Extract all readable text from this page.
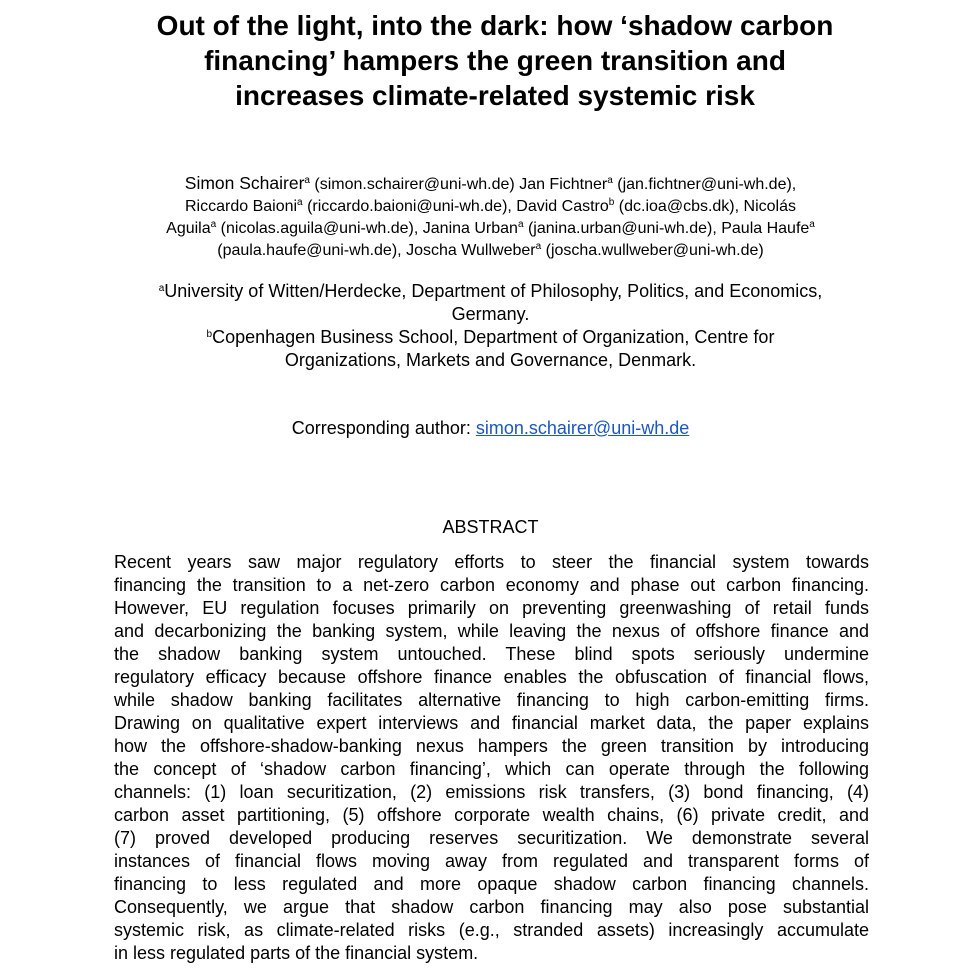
Out of the light, into the dark: how ‘shadow carbon
financing’ hampers the green transition and
increases climate-related systemic risk
Simon Schairer$^a$ (simon.schairer@uni-wh.de) Jan Fichtner$^a$ (jan.fichtner@uni-wh.de),
Riccardo Baioni$^a$ (riccardo.baioni@uni-wh.de), David Castro$^b$ (dc.ioa@cbs.dk), Nicolás
Aguila$^a$ (nicolas.aguila@uni-wh.de), Janina Urban$^a$ (janina.urban@uni-wh.de), Paula Haufe$^a$
(paula.haufe@uni-wh.de), Joscha Wullweber$^a$ (joscha.wullweber@uni-wh.de)
$^a$University of Witten/Herdecke, Department of Philosophy, Politics, and Economics,
Germany.
$^b$Copenhagen Business School, Department of Organization, Centre for
Organizations, Markets and Governance, Denmark.
Corresponding author: simon.schairer@uni-wh.de
ABSTRACT
Recent years saw major regulatory efforts to steer the financial system towards
financing the transition to a net-zero carbon economy and phase out carbon financing.
However, EU regulation focuses primarily on preventing greenwashing of retail funds
and decarbonizing the banking system, while leaving the nexus of offshore finance and
the shadow banking system untouched. These blind spots seriously undermine
regulatory efficacy because offshore finance enables the obfuscation of financial flows,
while shadow banking facilitates alternative financing to high carbon-emitting firms.
Drawing on qualitative expert interviews and financial market data, the paper explains
how the offshore-shadow-banking nexus hampers the green transition by introducing
the concept of ‘shadow carbon financing’, which can operate through the following
channels: (1) loan securitization, (2) emissions risk transfers, (3) bond financing, (4)
carbon asset partitioning, (5) offshore corporate wealth chains, (6) private credit, and
(7) proved developed producing reserves securitization. We demonstrate several
instances of financial flows moving away from regulated and transparent forms of
financing to less regulated and more opaque shadow carbon financing channels.
Consequently, we argue that shadow carbon financing may also pose substantial
systemic risk, as climate-related risks (e.g., stranded assets) increasingly accumulate
in less regulated parts of the financial system.
